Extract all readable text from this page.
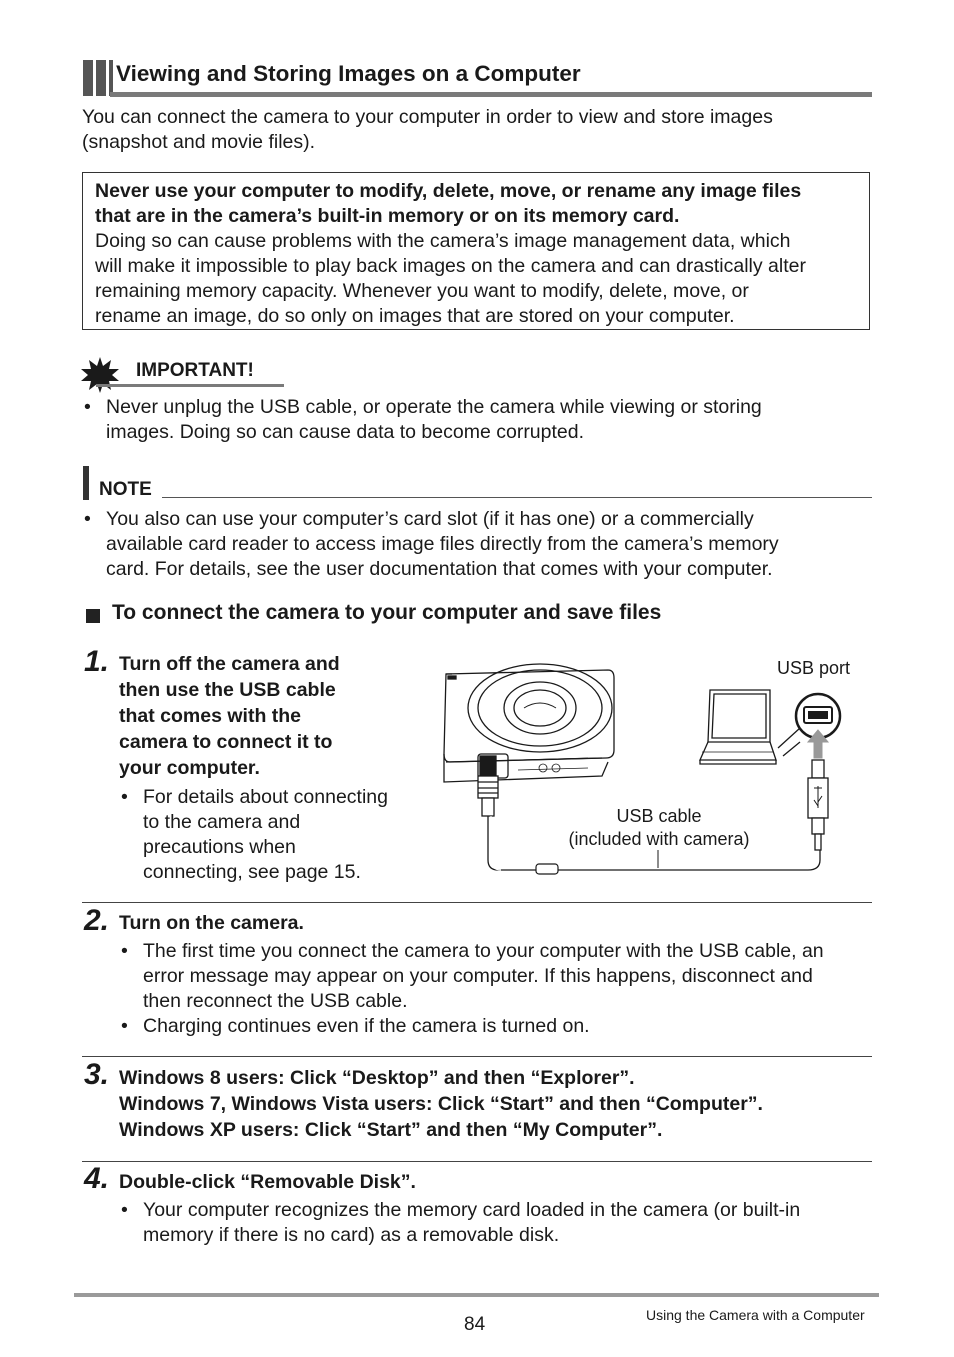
Viewing and Storing Images on a Computer
You can connect the camera to your computer in order to view and store images
(snapshot and movie files).
Never use your computer to modify, delete, move, or rename any image files
that are in the camera’s built-in memory or on its memory card.
Doing so can cause problems with the camera’s image management data, which
will make it impossible to play back images on the camera and can drastically alter
remaining memory capacity. Whenever you want to modify, delete, move, or
rename an image, do so only on images that are stored on your computer.
IMPORTANT!
• Never unplug the USB cable, or operate the camera while viewing or storing
images. Doing so can cause data to become corrupted.
NOTE
• You also can use your computer’s card slot (if it has one) or a commercially
available card reader to access image files directly from the camera’s memory
card. For details, see the user documentation that comes with your computer.
To connect the camera to your computer and save files
1. Turn off the camera and
then use the USB cable
that comes with the
camera to connect it to
your computer.
• For details about connecting
to the camera and
precautions when
connecting, see page 15.
USB port
USB cable
(included with camera)
2. Turn on the camera.
• The first time you connect the camera to your computer with the USB cable, an
error message may appear on your computer. If this happens, disconnect and
then reconnect the USB cable.
• Charging continues even if the camera is turned on.
3. Windows 8 users: Click “Desktop” and then “Explorer”.
Windows 7, Windows Vista users: Click “Start” and then “Computer”.
Windows XP users: Click “Start” and then “My Computer”.
4. Double-click “Removable Disk”.
• Your computer recognizes the memory card loaded in the camera (or built-in
memory if there is no card) as a removable disk.
84	Using the Camera with a Computer
